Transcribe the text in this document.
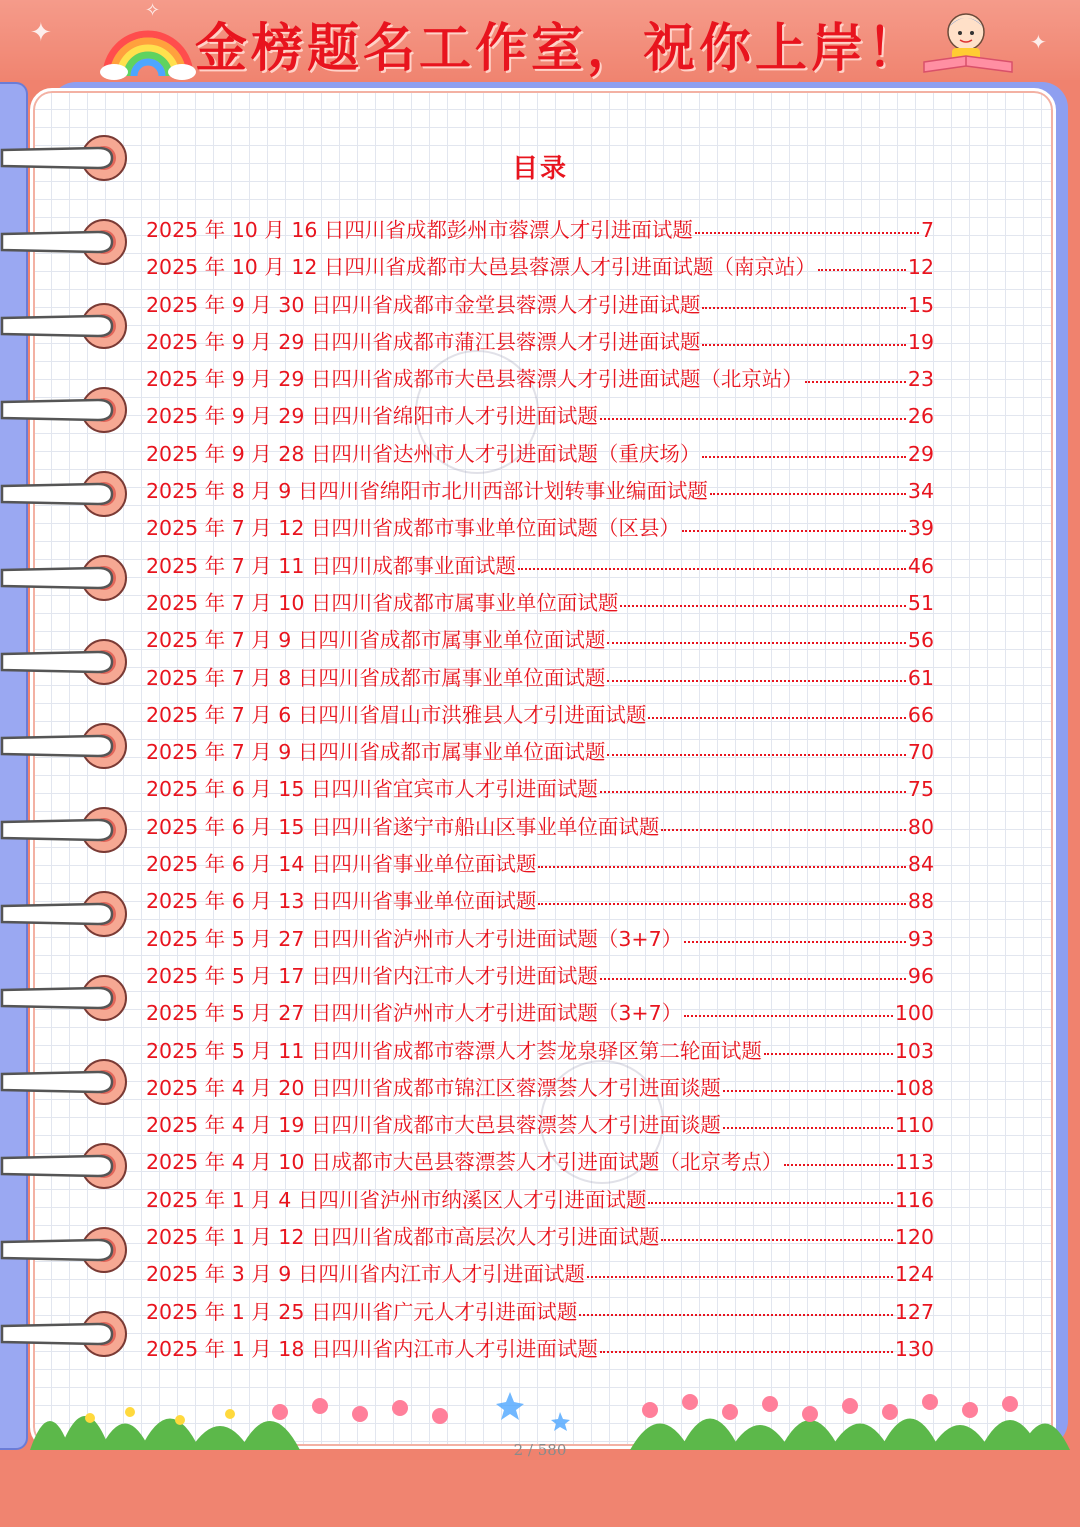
✦
✧
✦
金榜题名工作室，祝你上岸！
目录
2025 年 10 月 16 日四川省成都彭州市蓉漂人才引进面试题	7
2025 年 10 月 12 日四川省成都市大邑县蓉漂人才引进面试题（南京站）	12
2025 年 9 月 30 日四川省成都市金堂县蓉漂人才引进面试题	15
2025 年 9 月 29 日四川省成都市蒲江县蓉漂人才引进面试题	19
2025 年 9 月 29 日四川省成都市大邑县蓉漂人才引进面试题（北京站）	23
2025 年 9 月 29 日四川省绵阳市人才引进面试题	26
2025 年 9 月 28 日四川省达州市人才引进面试题（重庆场）	29
2025 年 8 月 9 日四川省绵阳市北川西部计划转事业编面试题	34
2025 年 7 月 12 日四川省成都市事业单位面试题（区县）	39
2025 年 7 月 11 日四川成都事业面试题	46
2025 年 7 月 10 日四川省成都市属事业单位面试题	51
2025 年 7 月 9 日四川省成都市属事业单位面试题	56
2025 年 7 月 8 日四川省成都市属事业单位面试题	61
2025 年 7 月 6 日四川省眉山市洪雅县人才引进面试题	66
2025 年 7 月 9 日四川省成都市属事业单位面试题	70
2025 年 6 月 15 日四川省宜宾市人才引进面试题	75
2025 年 6 月 15 日四川省遂宁市船山区事业单位面试题	80
2025 年 6 月 14 日四川省事业单位面试题	84
2025 年 6 月 13 日四川省事业单位面试题	88
2025 年 5 月 27 日四川省泸州市人才引进面试题（3+7）	93
2025 年 5 月 17 日四川省内江市人才引进面试题	96
2025 年 5 月 27 日四川省泸州市人才引进面试题（3+7）	100
2025 年 5 月 11 日四川省成都市蓉漂人才荟龙泉驿区第二轮面试题	103
2025 年 4 月 20 日四川省成都市锦江区蓉漂荟人才引进面谈题	108
2025 年 4 月 19 日四川省成都市大邑县蓉漂荟人才引进面谈题	110
2025 年 4 月 10 日成都市大邑县蓉漂荟人才引进面试题（北京考点）	113
2025 年 1 月 4 日四川省泸州市纳溪区人才引进面试题	116
2025 年 1 月 12 日四川省成都市高层次人才引进面试题	120
2025 年 3 月 9 日四川省内江市人才引进面试题	124
2025 年 1 月 25 日四川省广元人才引进面试题	127
2025 年 1 月 18 日四川省内江市人才引进面试题	130
2 / 580
